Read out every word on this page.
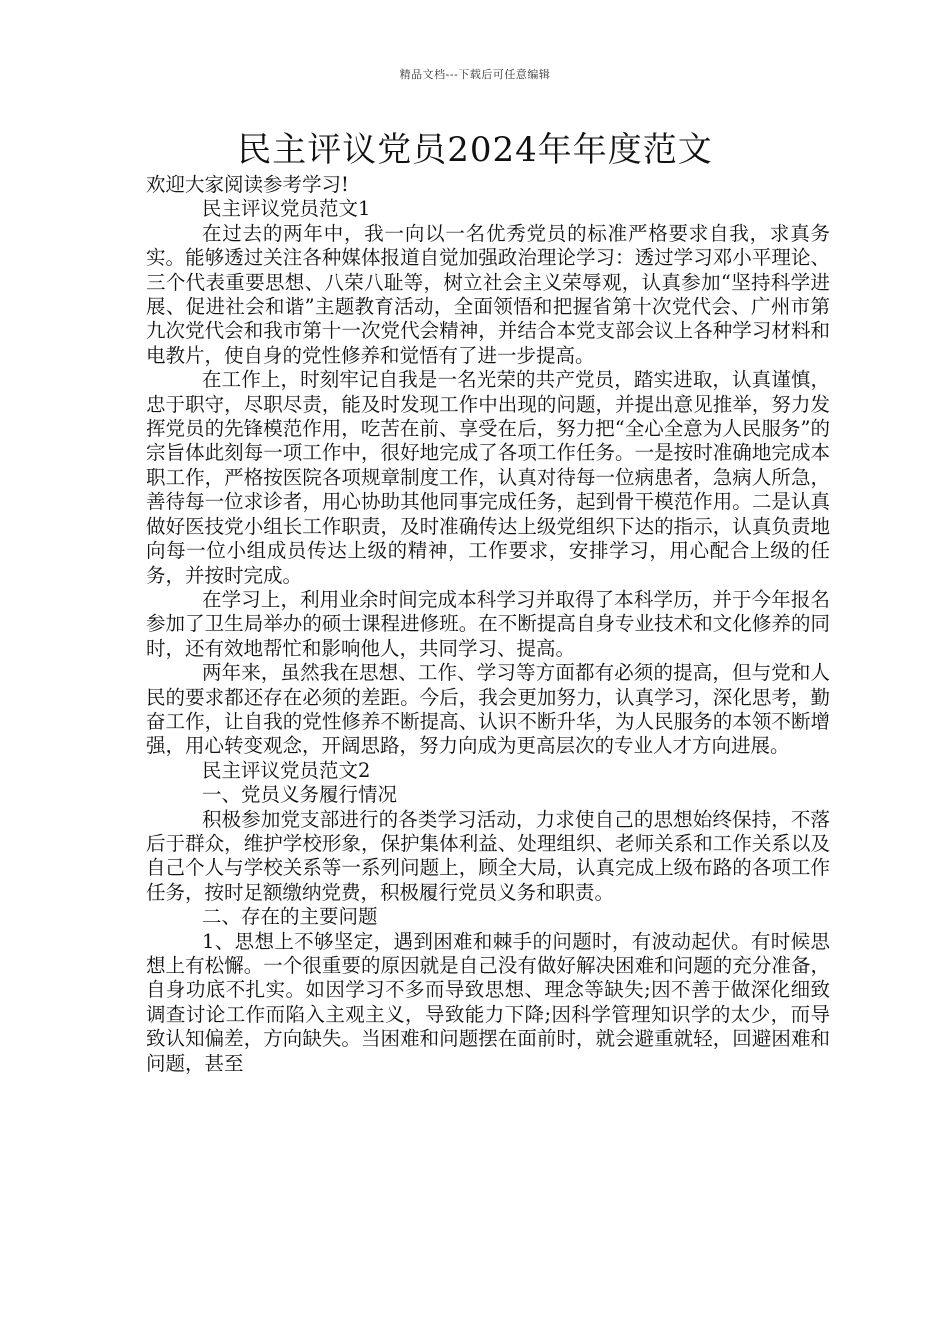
精品文档---下载后可任意编辑
民主评议党员2024年年度范文

欢迎大家阅读参考学习!

民主评议党员范文1

在过去的两年中，我一向以一名优秀党员的标准严格要求自我，求真务实。能够透过关注各种媒体报道自觉加强政治理论学习：透过学习邓小平理论、三个代表重要思想、八荣八耻等，树立社会主义荣辱观，认真参加“坚持科学进展、促进社会和谐”主题教育活动，全面领悟和把握省第十次党代会、广州市第九次党代会和我市第十一次党代会精神，并结合本党支部会议上各种学习材料和电教片，使自身的党性修养和觉悟有了进一步提高。

在工作上，时刻牢记自我是一名光荣的共产党员，踏实进取，认真谨慎，忠于职守，尽职尽责，能及时发现工作中出现的问题，并提出意见推举，努力发挥党员的先锋模范作用，吃苦在前、享受在后，努力把“全心全意为人民服务”的宗旨体此刻每一项工作中，很好地完成了各项工作任务。一是按时准确地完成本职工作，严格按医院各项规章制度工作，认真对待每一位病患者，急病人所急，善待每一位求诊者，用心协助其他同事完成任务，起到骨干模范作用。二是认真做好医技党小组长工作职责，及时准确传达上级党组织下达的指示，认真负责地向每一位小组成员传达上级的精神，工作要求，安排学习，用心配合上级的任务，并按时完成。

在学习上，利用业余时间完成本科学习并取得了本科学历，并于今年报名参加了卫生局举办的硕士课程进修班。在不断提高自身专业技术和文化修养的同时，还有效地帮忙和影响他人，共同学习、提高。

两年来，虽然我在思想、工作、学习等方面都有必须的提高，但与党和人民的要求都还存在必须的差距。今后，我会更加努力，认真学习，深化思考，勤奋工作，让自我的党性修养不断提高、认识不断升华，为人民服务的本领不断增强，用心转变观念，开阔思路，努力向成为更高层次的专业人才方向进展。

民主评议党员范文2

一、党员义务履行情况

积极参加党支部进行的各类学习活动，力求使自己的思想始终保持，不落后于群众，维护学校形象，保护集体利益、处理组织、老师关系和工作关系以及自己个人与学校关系等一系列问题上，顾全大局，认真完成上级布路的各项工作任务，按时足额缴纳党费，积极履行党员义务和职责。

二、存在的主要问题

1、思想上不够坚定，遇到困难和棘手的问题时，有波动起伏。有时候思想上有松懈。一个很重要的原因就是自己没有做好解决困难和问题的充分准备，自身功底不扎实。如因学习不多而导致思想、理念等缺失;因不善于做深化细致调查讨论工作而陷入主观主义，导致能力下降;因科学管理知识学的太少，而导致认知偏差，方向缺失。当困难和问题摆在面前时，就会避重就轻，回避困难和问题，甚至
